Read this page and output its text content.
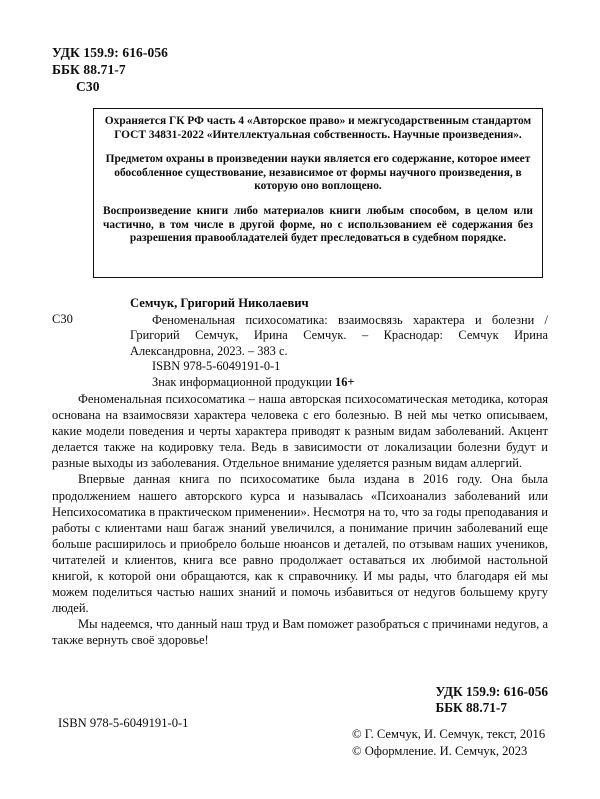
УДК 159.9: 616-056
ББК 88.71-7
С30

Охраняется ГК РФ часть 4 «Авторское право» и межгусодарственным стандартом ГОСТ 34831-2022 «Интеллектуальная собственность. Научные произведения».

Предметом охраны в произведении науки является его содержание, которое имеет обособленное существование, независимое от формы научного произведения, в которую оно воплощено.

Воспроизведение книги либо материалов книги любым способом, в целом или частично, в том числе в другой форме, но с использованием её содержания без разрешения правообладателей будет преследоваться в судебном порядке.

С30

Семчук, Григорий Николаевич

Феноменальная психосоматика: взаимосвязь характера и болезни / Григорий Семчук, Ирина Семчук. – Краснодар: Семчук Ирина Александровна, 2023. – 383 с.

ISBN 978-5-6049191-0-1

Знак информационной продукции 16+

Феноменальная психосоматика – наша авторская психосоматическая методика, которая основана на взаимосвязи характера человека с его болезнью. В ней мы четко описываем, какие модели поведения и черты характера приводят к разным видам заболеваний. Акцент делается также на кодировку тела. Ведь в зависимости от локализации болезни будут и разные выходы из заболевания. Отдельное внимание уделяется разным видам аллергий.

Впервые данная книга по психосоматике была издана в 2016 году. Она была продолжением нашего авторского курса и называлась «Психоанализ заболеваний или Непсихосоматика в практическом применении». Несмотря на то, что за годы преподавания и работы с клиентами наш багаж знаний увеличился, а понимание причин заболеваний еще больше расширилось и приобрело больше нюансов и деталей, по отзывам наших учеников, читателей и клиентов, книга все равно продолжает оставаться их любимой настольной книгой, к которой они обращаются, как к справочнику. И мы рады, что благодаря ей мы можем поделиться частью наших знаний и помочь избавиться от недугов большему кругу людей.

Мы надеемся, что данный наш труд и Вам поможет разобраться с причинами недугов, а также вернуть своё здоровье!

УДК 159.9: 616-056
ББК 88.71-7
ISBN 978-5-6049191-0-1
© Г. Семчук, И. Семчук, текст, 2016
© Оформление. И. Семчук, 2023
